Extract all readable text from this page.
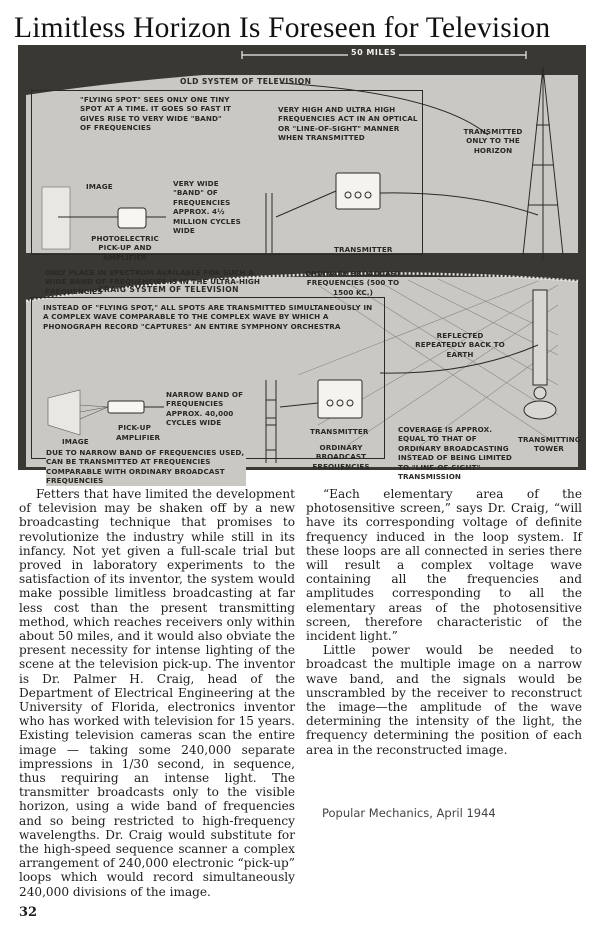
Limitless Horizon Is Foreseen for Television
50 MILES
OLD SYSTEM OF TELEVISION
"FLYING SPOT" SEES ONLY ONE TINY SPOT AT A TIME. IT GOES SO FAST IT GIVES RISE TO VERY WIDE "BAND" OF FREQUENCIES
VERY HIGH AND ULTRA HIGH FREQUENCIES ACT IN AN OPTICAL OR "LINE-OF-SIGHT" MANNER WHEN TRANSMITTED
TRANSMITTED ONLY TO THE HORIZON
IMAGE
PHOTOELECTRIC PICK-UP AND AMPLIFIER
VERY WIDE "BAND" OF FREQUENCIES APPROX. 4½ MILLION CYCLES WIDE
ONLY PLACE IN SPECTRUM AVAILABLE FOR SUCH A WIDE BAND OF FREQUENCIES IS IN THE ULTRA-HIGH FREQUENCIES
TRANSMITTER
ORDINARY BROADCAST FREQUENCIES (500 TO 1500 KC.)
CRAIG SYSTEM OF TELEVISION
INSTEAD OF "FLYING SPOT," ALL SPOTS ARE TRANSMITTED SIMULTANEOUSLY IN A COMPLEX WAVE COMPARABLE TO THE COMPLEX WAVE BY WHICH A PHONOGRAPH RECORD "CAPTURES" AN ENTIRE SYMPHONY ORCHESTRA
NARROW BAND OF FREQUENCIES APPROX. 40,000 CYCLES WIDE
PICK-UP
AMPLIFIER
IMAGE
DUE TO NARROW BAND OF FREQUENCIES USED, CAN BE TRANSMITTED AT FREQUENCIES COMPARABLE WITH ORDINARY BROADCAST FREQUENCIES
TRANSMITTER
ORDINARY BROADCAST FREQUENCIES
REFLECTED REPEATEDLY BACK TO EARTH
COVERAGE IS APPROX. EQUAL TO THAT OF ORDINARY BROADCASTING INSTEAD OF BEING LIMITED TO "LINE-OF-SIGHT" TRANSMISSION
TRANSMITTING TOWER

Fetters that have limited the development of television may be shaken off by a new broadcasting technique that promises to revolutionize the industry while still in its infancy. Not yet given a full-scale trial but proved in laboratory experiments to the satisfaction of its inventor, the system would make possible limitless broadcasting at far less cost than the present transmitting method, which reaches receivers only within about 50 miles, and it would also obviate the present necessity for intense lighting of the scene at the television pick-up. The inventor is Dr. Palmer H. Craig, head of the Department of Electrical Engineering at the University of Florida, electronics inventor who has worked with television for 15 years. Existing television cameras scan the entire image — taking some 240,000 separate impressions in 1/30 second, in sequence, thus requiring an intense light. The transmitter broadcasts only to the visible horizon, using a wide band of frequencies and so being restricted to high-frequency wavelengths. Dr. Craig would substitute for the high-speed sequence scanner a complex arrangement of 240,000 electronic “pick-up” loops which would record simultaneously 240,000 divisions of the image.

“Each elementary area of the photosensitive screen,” says Dr. Craig, “will have its corresponding voltage of definite frequency induced in the loop system. If these loops are all connected in series there will result a complex voltage wave containing all the frequencies and amplitudes corresponding to all the elementary areas of the photosensitive screen, therefore characteristic of the incident light.”

Little power would be needed to broadcast the multiple image on a narrow wave band, and the signals would be unscrambled by the receiver to reconstruct the image—the amplitude of the wave determining the intensity of the light, the frequency determining the position of each area in the reconstructed image.

Popular Mechanics, April 1944
32
